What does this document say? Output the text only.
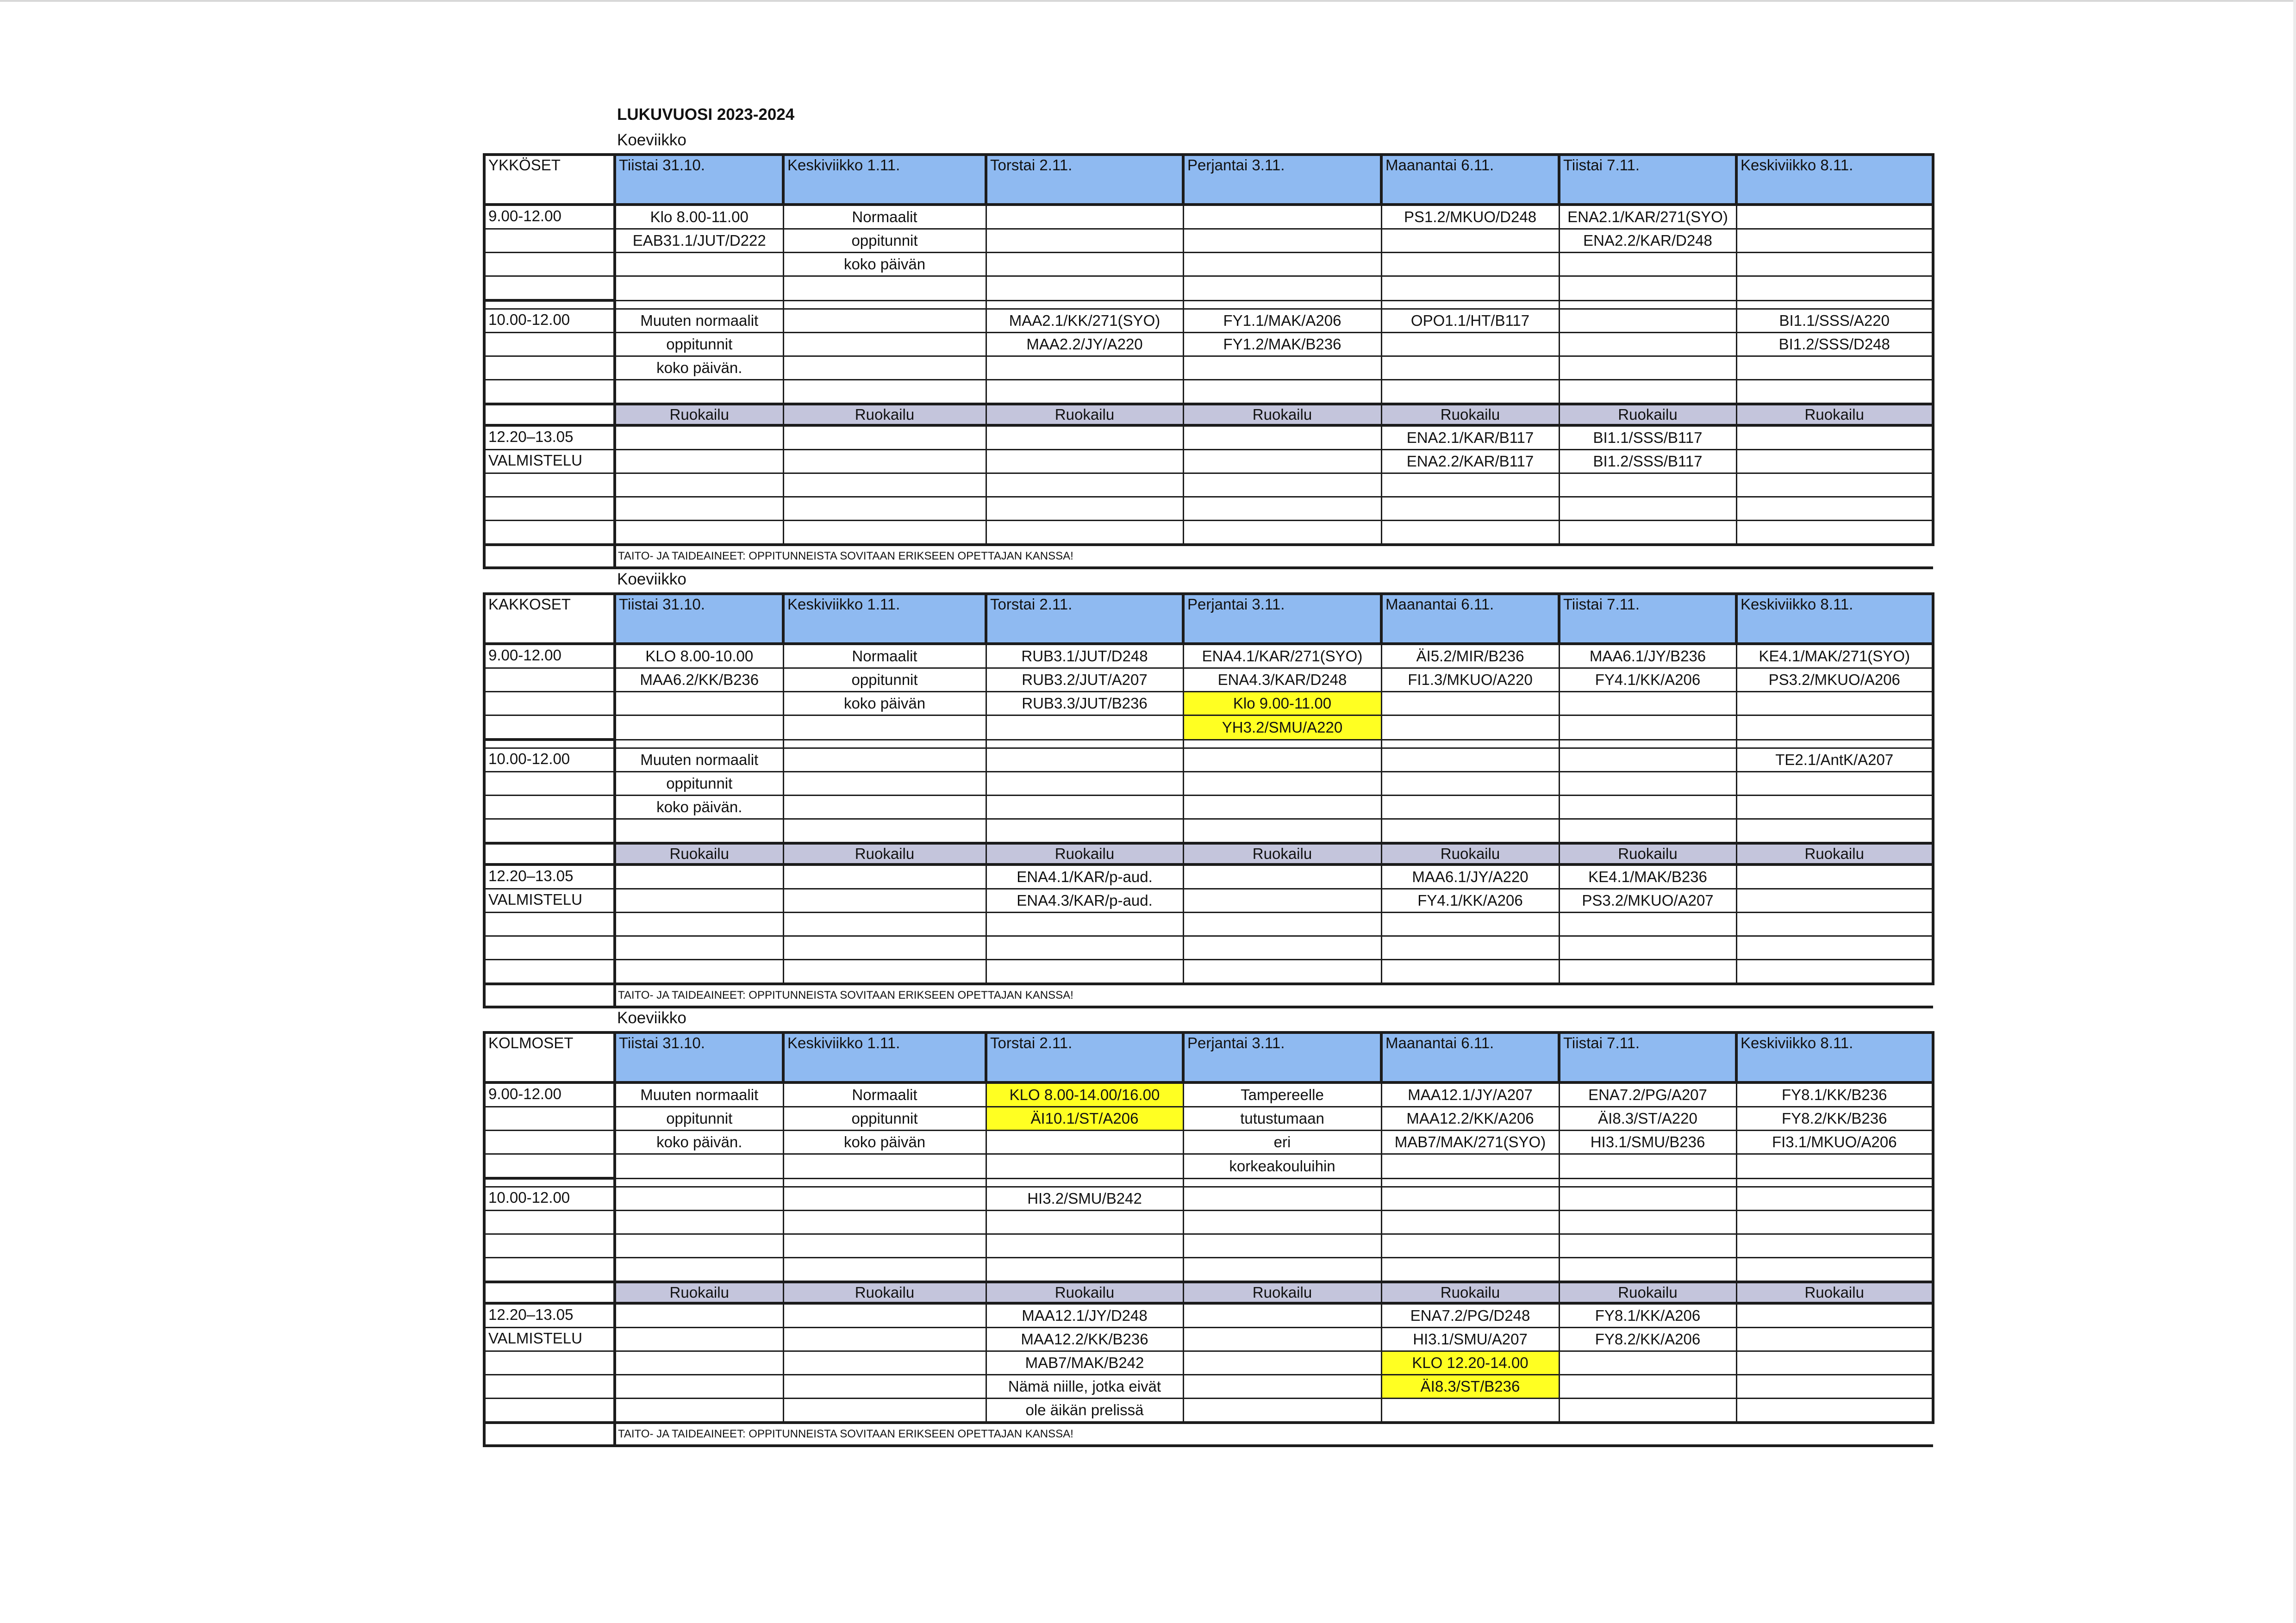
LUKUVUOSI 2023-2024
Koeviikko
YKKÖSET	Tiistai 31.10.	Keskiviikko 1.11.	Torstai 2.11.	Perjantai 3.11.	Maanantai 6.11.	Tiistai 7.11.	Keskiviikko 8.11.
9.00-12.00	Klo 8.00-11.00	Normaalit			PS1.2/MKUO/D248	ENA2.1/KAR/271(SYO)	
	EAB31.1/JUT/D222	oppitunnit				ENA2.2/KAR/D248	
		koko päivän					

10.00-12.00	Muuten normaalit		MAA2.1/KK/271(SYO)	FY1.1/MAK/A206	OPO1.1/HT/B117		BI1.1/SSS/A220
	oppitunnit		MAA2.2/JY/A220	FY1.2/MAK/B236			BI1.2/SSS/D248
	koko päivän.						

	Ruokailu	Ruokailu	Ruokailu	Ruokailu	Ruokailu	Ruokailu	Ruokailu
12.20–13.05					ENA2.1/KAR/B117	BI1.1/SSS/B117	
VALMISTELU					ENA2.2/KAR/B117	BI1.2/SSS/B117	

	TAITO- JA TAIDEAINEET: OPPITUNNEISTA SOVITAAN ERIKSEEN OPETTAJAN KANSSA!						
Koeviikko
KAKKOSET	Tiistai 31.10.	Keskiviikko 1.11.	Torstai 2.11.	Perjantai 3.11.	Maanantai 6.11.	Tiistai 7.11.	Keskiviikko 8.11.
9.00-12.00	KLO 8.00-10.00	Normaalit	RUB3.1/JUT/D248	ENA4.1/KAR/271(SYO)	ÄI5.2/MIR/B236	MAA6.1/JY/B236	KE4.1/MAK/271(SYO)
	MAA6.2/KK/B236	oppitunnit	RUB3.2/JUT/A207	ENA4.3/KAR/D248	FI1.3/MKUO/A220	FY4.1/KK/A206	PS3.2/MKUO/A206
		koko päivän	RUB3.3/JUT/B236	Klo 9.00-11.00			
				YH3.2/SMU/A220			

10.00-12.00	Muuten normaalit						TE2.1/AntK/A207
	oppitunnit						
	koko päivän.						

	Ruokailu	Ruokailu	Ruokailu	Ruokailu	Ruokailu	Ruokailu	Ruokailu
12.20–13.05			ENA4.1/KAR/p-aud.		MAA6.1/JY/A220	KE4.1/MAK/B236	
VALMISTELU			ENA4.3/KAR/p-aud.		FY4.1/KK/A206	PS3.2/MKUO/A207	

	TAITO- JA TAIDEAINEET: OPPITUNNEISTA SOVITAAN ERIKSEEN OPETTAJAN KANSSA!						
Koeviikko
KOLMOSET	Tiistai 31.10.	Keskiviikko 1.11.	Torstai 2.11.	Perjantai 3.11.	Maanantai 6.11.	Tiistai 7.11.	Keskiviikko 8.11.
9.00-12.00	Muuten normaalit	Normaalit	KLO 8.00-14.00/16.00	Tampereelle	MAA12.1/JY/A207	ENA7.2/PG/A207	FY8.1/KK/B236
	oppitunnit	oppitunnit	ÄI10.1/ST/A206	tutustumaan	MAA12.2/KK/A206	ÄI8.3/ST/A220	FY8.2/KK/B236
	koko päivän.	koko päivän		eri	MAB7/MAK/271(SYO)	HI3.1/SMU/B236	FI3.1/MKUO/A206
				korkeakouluihin			

10.00-12.00			HI3.2/SMU/B242				

	Ruokailu	Ruokailu	Ruokailu	Ruokailu	Ruokailu	Ruokailu	Ruokailu
12.20–13.05			MAA12.1/JY/D248		ENA7.2/PG/D248	FY8.1/KK/A206	
VALMISTELU			MAA12.2/KK/B236		HI3.1/SMU/A207	FY8.2/KK/A206	
			MAB7/MAK/B242		KLO 12.20-14.00		
			Nämä niille, jotka eivät		ÄI8.3/ST/B236		
			ole äikän prelissä				
	TAITO- JA TAIDEAINEET: OPPITUNNEISTA SOVITAAN ERIKSEEN OPETTAJAN KANSSA!						
